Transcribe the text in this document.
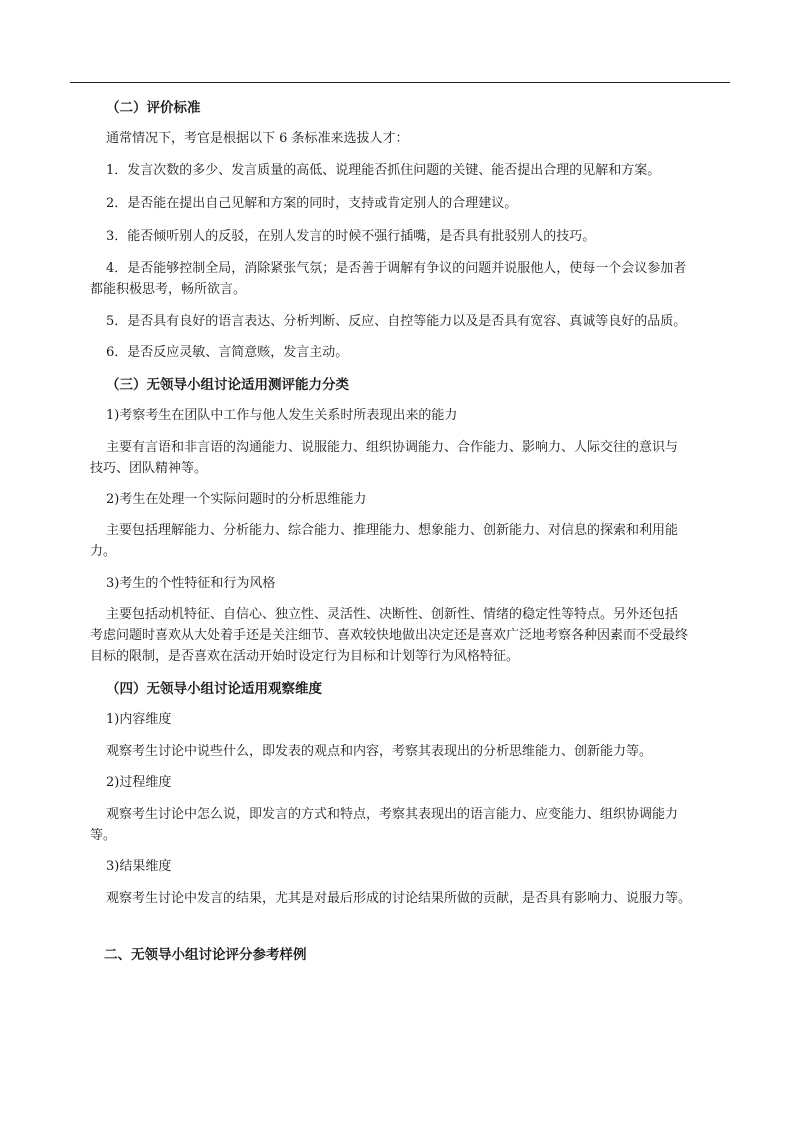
（二）评价标准
通常情况下，考官是根据以下 6 条标准来选拔人才：
1．发言次数的多少、发言质量的高低、说理能否抓住问题的关键、能否提出合理的见解和方案。
2．是否能在提出自己见解和方案的同时，支持或肯定别人的合理建议。
3．能否倾听别人的反驳，在别人发言的时候不强行插嘴，是否具有批驳别人的技巧。
4．是否能够控制全局，消除紧张气氛；是否善于调解有争议的问题并说服他人，使每一个会议参加者
都能积极思考，畅所欲言。
5．是否具有良好的语言表达、分析判断、反应、自控等能力以及是否具有宽容、真诚等良好的品质。
6．是否反应灵敏、言简意赅，发言主动。
（三）无领导小组讨论适用测评能力分类
1)考察考生在团队中工作与他人发生关系时所表现出来的能力
主要有言语和非言语的沟通能力、说服能力、组织协调能力、合作能力、影响力、人际交往的意识与
技巧、团队精神等。
2)考生在处理一个实际问题时的分析思维能力
主要包括理解能力、分析能力、综合能力、推理能力、想象能力、创新能力、对信息的探索和利用能
力。
3)考生的个性特征和行为风格
主要包括动机特征、自信心、独立性、灵活性、决断性、创新性、情绪的稳定性等特点。另外还包括
考虑问题时喜欢从大处着手还是关注细节、喜欢较快地做出决定还是喜欢广泛地考察各种因素而不受最终
目标的限制，是否喜欢在活动开始时设定行为目标和计划等行为风格特征。
（四）无领导小组讨论适用观察维度
1)内容维度
观察考生讨论中说些什么，即发表的观点和内容，考察其表现出的分析思维能力、创新能力等。
2)过程维度
观察考生讨论中怎么说，即发言的方式和特点，考察其表现出的语言能力、应变能力、组织协调能力
等。
3)结果维度
观察考生讨论中发言的结果，尤其是对最后形成的讨论结果所做的贡献，是否具有影响力、说服力等。
二、无领导小组讨论评分参考样例
